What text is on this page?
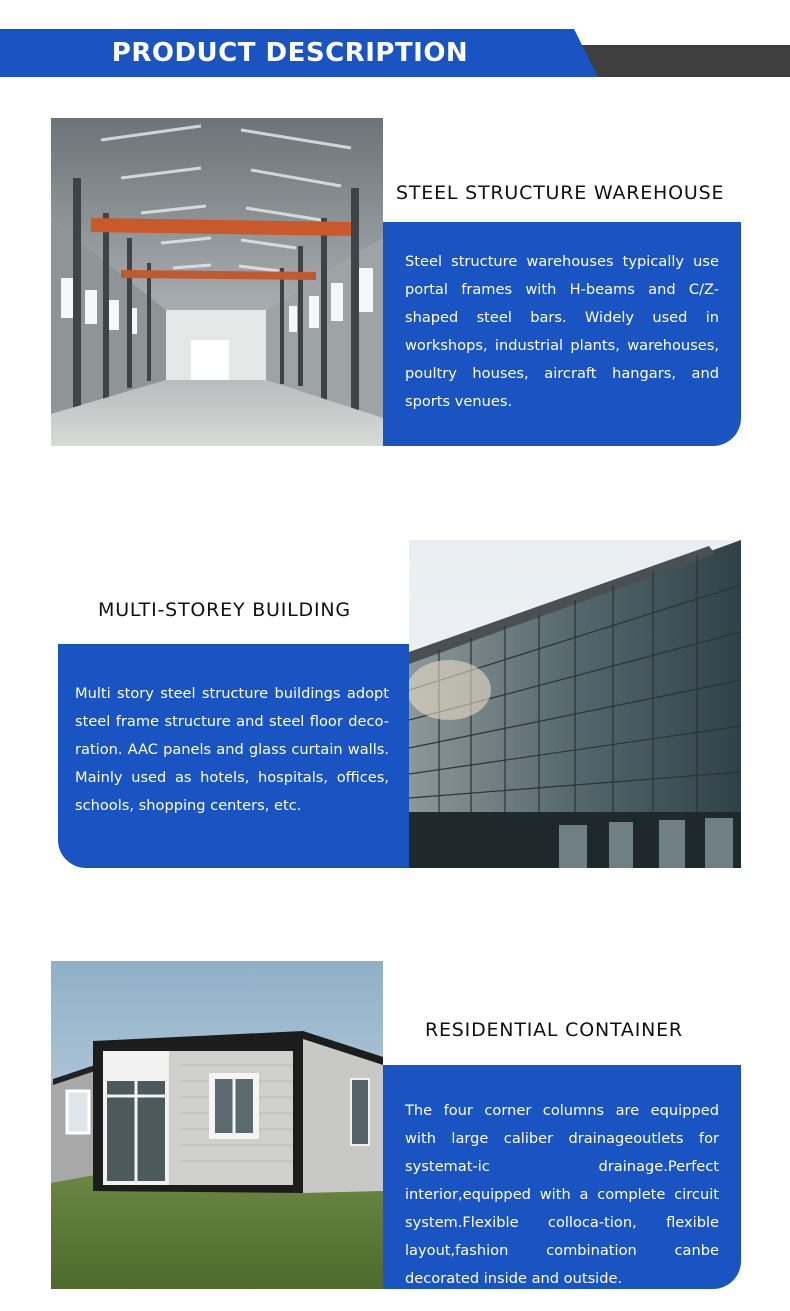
PRODUCT DESCRIPTION
STEEL STRUCTURE WAREHOUSE
Steel structure warehouses typically use portal frames with H-beams and C/Z-shaped steel bars. Widely used in workshops, industrial plants, warehouses, poultry houses, aircraft hangars, and sports venues.
MULTI-STOREY BUILDING
Multi story steel structure buildings adopt steel frame structure and steel floor deco-ration. AAC panels and glass curtain walls. Mainly used as hotels, hospitals, offices, schools, shopping centers, etc.
RESIDENTIAL CONTAINER
The four corner columns are equipped with large caliber drainageoutlets for systemat-ic drainage.Perfect interior,equipped with a complete circuit system.Flexible colloca-tion, flexible layout,fashion combination canbe decorated inside and outside.
